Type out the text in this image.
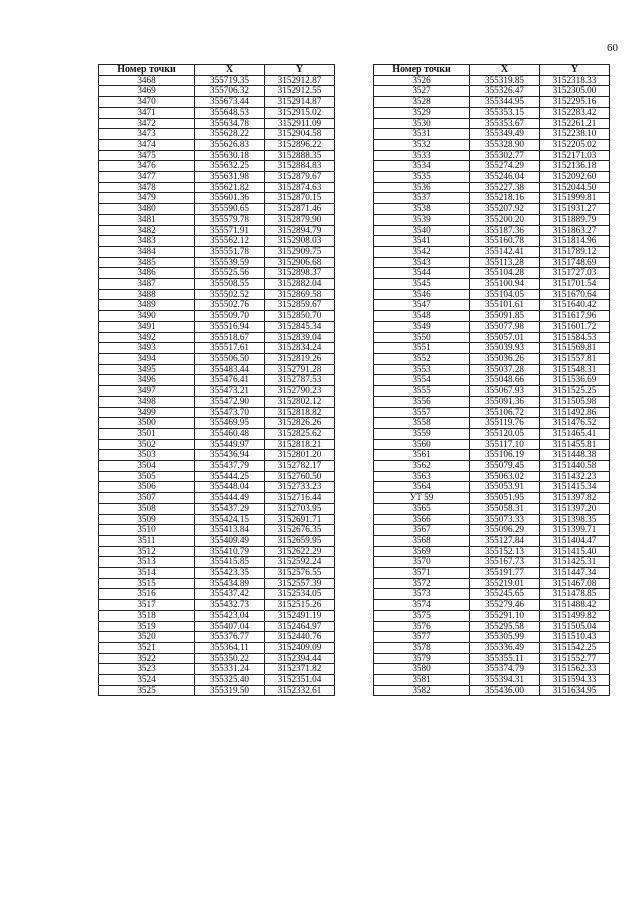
60
Номер точки	X	Y
3468	355719.35	3152912.87
3469	355706.32	3152912.55
3470	355673.44	3152914.87
3471	355648.53	3152915.02
3472	355634.78	3152911.09
3473	355628.22	3152904.58
3474	355626.83	3152896.22
3475	355630.18	3152888.35
3476	355632.25	3152884.83
3477	355631.98	3152879.67
3478	355621.82	3152874.63
3479	355601.36	3152870.15
3480	355590.65	3152871.46
3481	355579.78	3152879.90
3482	355571.91	3152894.79
3483	355562.12	3152908.03
3484	355551.78	3152909.75
3485	355539.59	3152906.68
3486	355525.56	3152898.37
3487	355508.55	3152882.04
3488	355502.52	3152869.58
3489	355502.76	3152859.67
3490	355509.70	3152850.70
3491	355516.94	3152845.34
3492	355518.67	3152839.04
3493	355517.61	3152834.24
3494	355506.50	3152819.26
3495	355483.44	3152791.28
3496	355476.41	3152787.53
3497	355473.21	3152790.23
3498	355472.90	3152802.12
3499	355473.70	3152818.82
3500	355469.95	3152826.26
3501	355460.48	3152825.62
3502	355449.97	3152818.21
3503	355436.94	3152801.20
3504	355437.79	3152782.17
3505	355444.25	3152760.50
3506	355448.04	3152733.23
3507	355444.49	3152716.44
3508	355437.29	3152703.95
3509	355424.15	3152691.71
3510	355413.84	3152676.35
3511	355409.49	3152659.95
3512	355410.79	3152622.29
3513	355415.85	3152592.24
3514	355423.35	3152576.55
3515	355434.89	3152557.39
3516	355437.42	3152534.05
3517	355432.73	3152515.26
3518	355423.04	3152491.19
3519	355407.04	3152464.97
3520	355376.77	3152440.76
3521	355364.11	3152409.09
3522	355350.22	3152394.44
3523	355331.24	3152371.82
3524	355325.40	3152351.04
3525	355319.50	3152332.61
Номер точки	X	Y
3526	355319.85	3152318.33
3527	355326.47	3152305.00
3528	355344.95	3152295.16
3529	355353.15	3152283.42
3530	355353.67	3152261.21
3531	355349.49	3152238.10
3532	355328.90	3152205.02
3533	355302.77	3152171.03
3534	355274.29	3152136.18
3535	355246.04	3152092.60
3536	355227.38	3152044.50
3537	355218.16	3151999.81
3538	355207.92	3151931.27
3539	355200.20	3151889.79
3540	355187.36	3151863.27
3541	355160.78	3151814.96
3542	355142.41	3151789.12
3543	355113.28	3151748.69
3544	355104.28	3151727.03
3545	355100.94	3151701.54
3546	355104.05	3151670.64
3547	355101.61	3151640.42
3548	355091.85	3151617.96
3549	355077.98	3151601.72
3550	355057.01	3151584.53
3551	355039.93	3151569.81
3552	355036.26	3151557.81
3553	355037.28	3151548.31
3554	355048.66	3151536.69
3555	355067.93	3151525.25
3556	355091.36	3151505.98
3557	355106.72	3151492.86
3558	355119.76	3151476.52
3559	355120.05	3151465.41
3560	355117.10	3151455.81
3561	355106.19	3151448.38
3562	355079.45	3151440.58
3563	355063.02	3151432.23
3564	355053.91	3151415.34
УТ 59	355051.95	3151397.82
3565	355058.31	3151397.20
3566	355073.33	3151398.35
3567	355096.29	3151399.71
3568	355127.84	3151404.47
3569	355152.13	3151415.40
3570	355167.73	3151425.31
3571	355191.77	3151447.34
3572	355219.01	3151467.08
3573	355245.65	3151478.85
3574	355279.46	3151488.42
3575	355291.10	3151499.82
3576	355295.58	3151505.04
3577	355305.99	3151510.43
3578	355336.49	3151542.25
3579	355355.11	3151552.77
3580	355374.79	3151562.33
3581	355394.31	3151594.33
3582	355436.00	3151634.95
